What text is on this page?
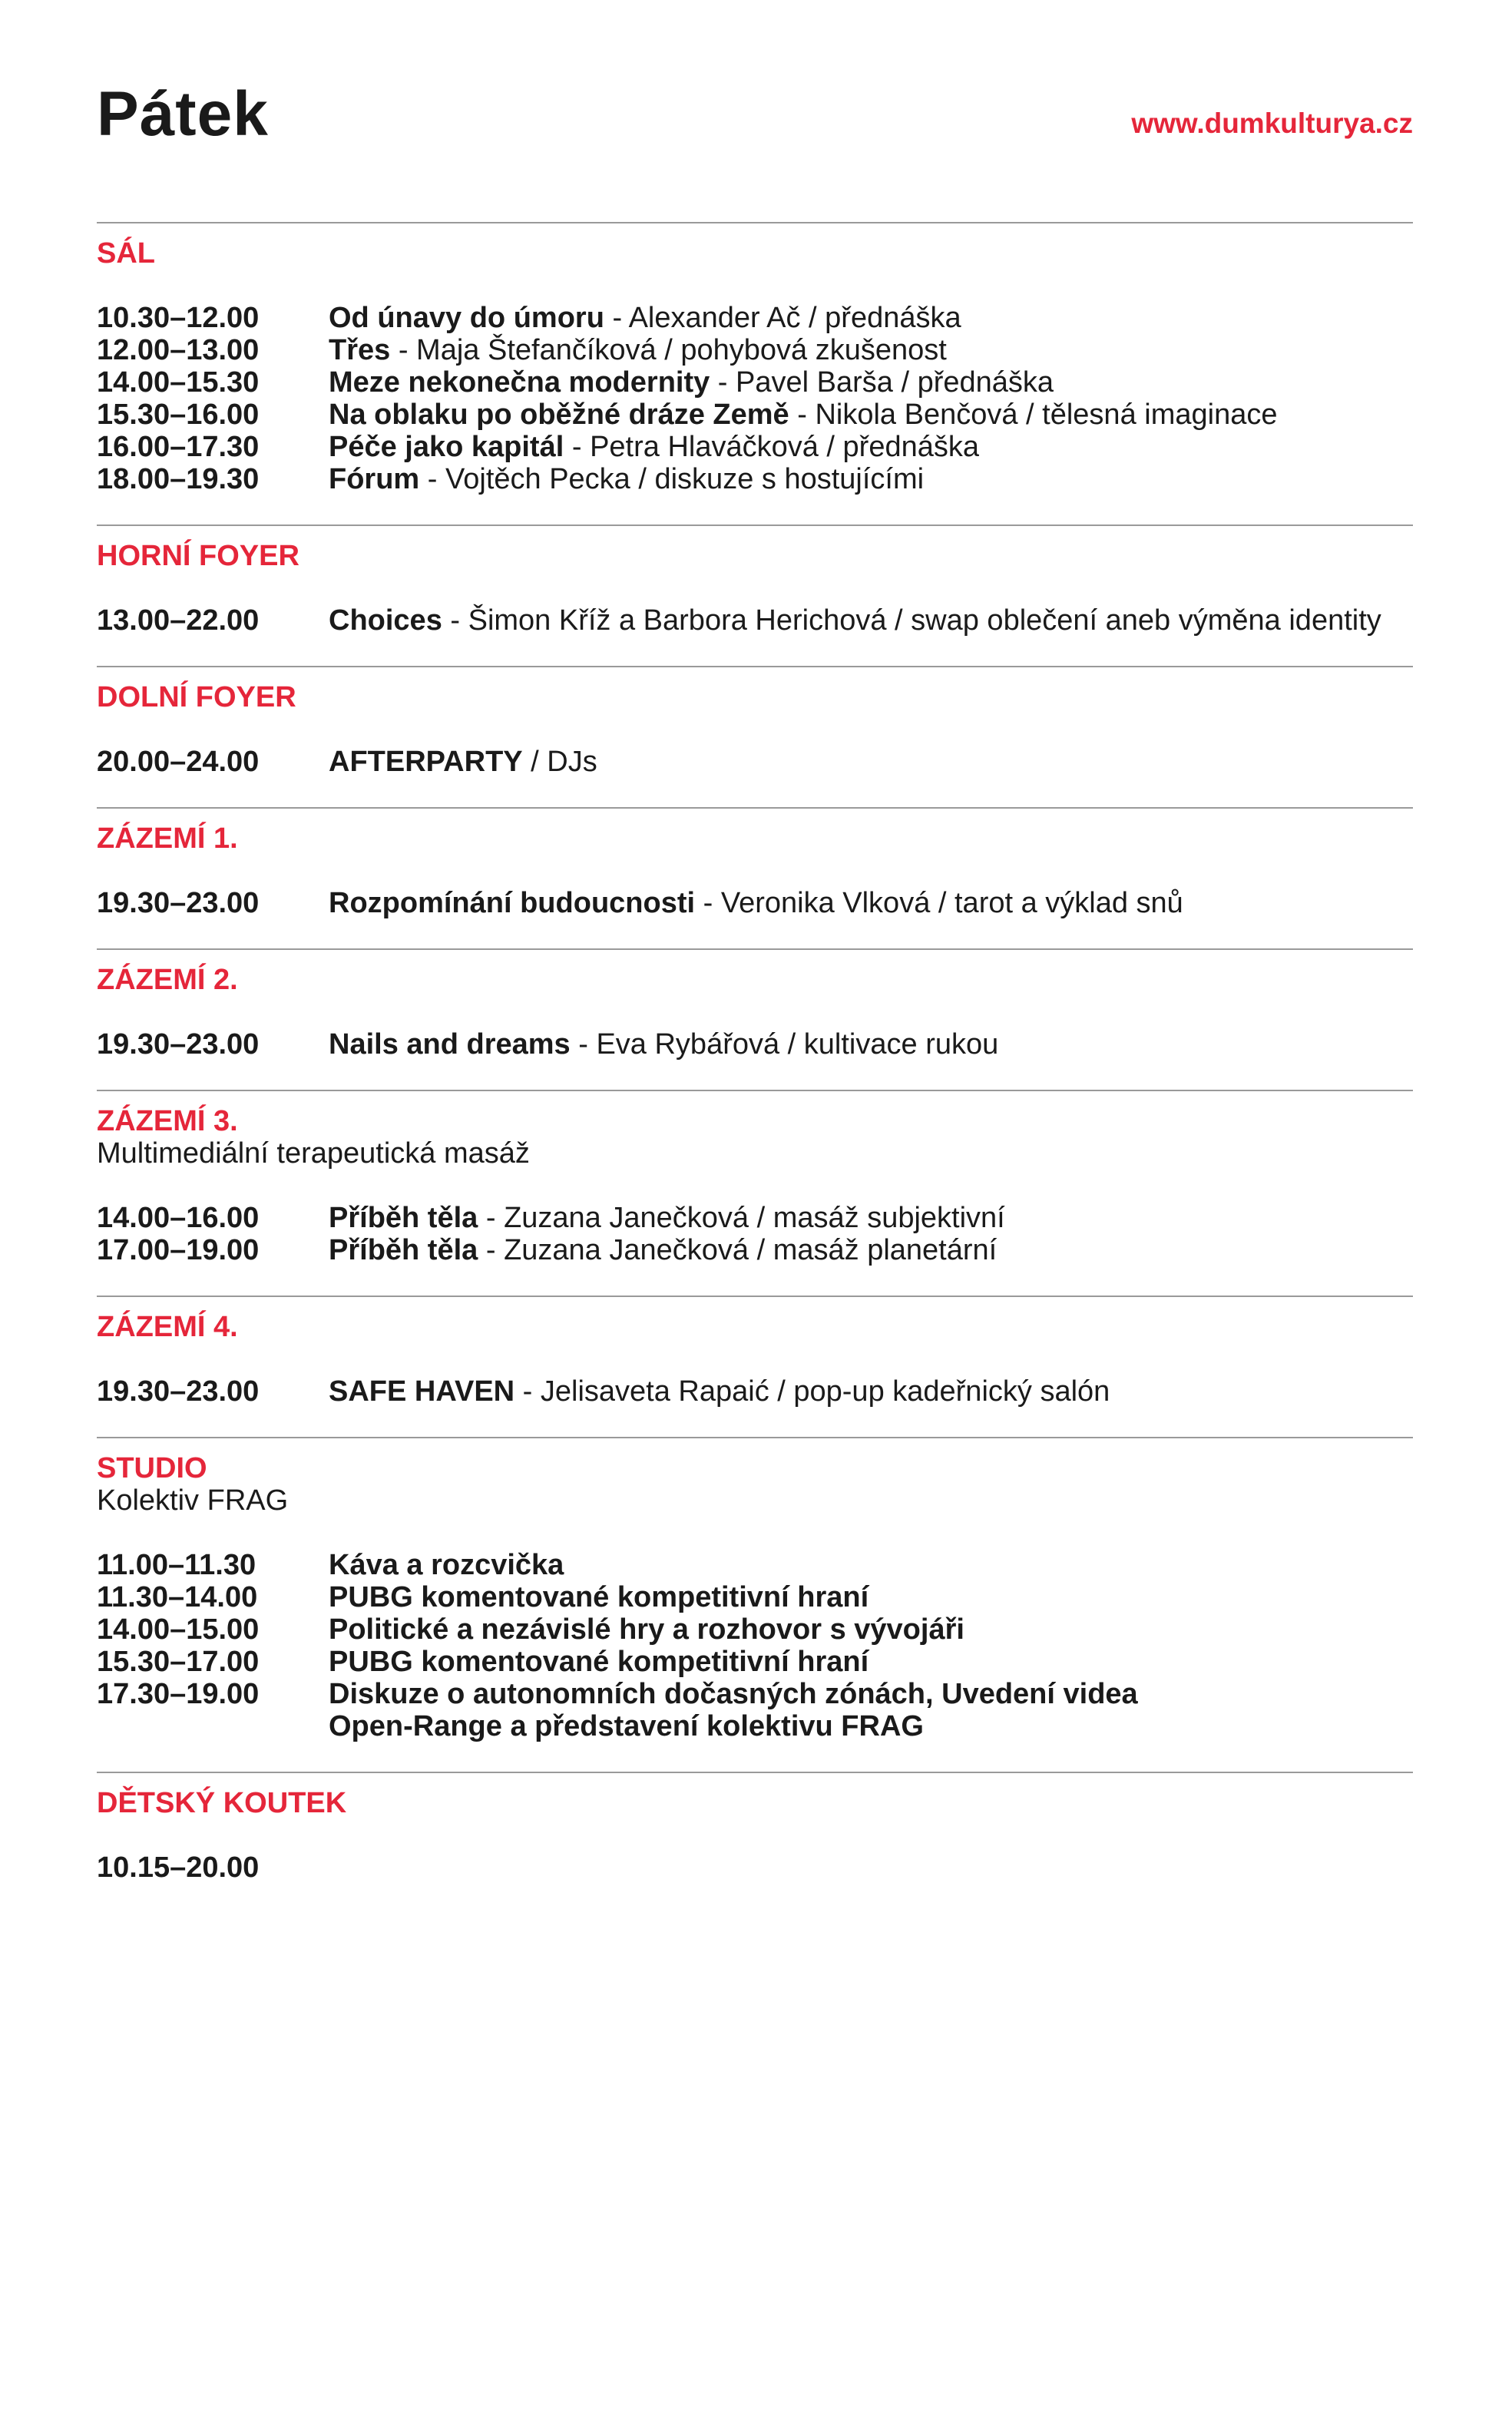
Pátek	www.dumkulturya.cz
SÁL
10.30–12.00	Od únavy do úmoru - Alexander Ač / přednáška
12.00–13.00	Třes - Maja Štefančíková / pohybová zkušenost
14.00–15.30	Meze nekonečna modernity - Pavel Barša / přednáška
15.30–16.00	Na oblaku po oběžné dráze Země - Nikola Benčová / tělesná imaginace
16.00–17.30	Péče jako kapitál - Petra Hlaváčková / přednáška
18.00–19.30	Fórum - Vojtěch Pecka / diskuze s hostujícími
HORNÍ FOYER
13.00–22.00	Choices - Šimon Kříž a Barbora Herichová / swap oblečení aneb výměna identity
DOLNÍ FOYER
20.00–24.00	AFTERPARTY / DJs
ZÁZEMÍ 1.
19.30–23.00	Rozpomínání budoucnosti - Veronika Vlková / tarot a výklad snů
ZÁZEMÍ 2.
19.30–23.00	Nails and dreams - Eva Rybářová / kultivace rukou
ZÁZEMÍ 3.
Multimediální terapeutická masáž
14.00–16.00	Příběh těla - Zuzana Janečková / masáž subjektivní
17.00–19.00	Příběh těla - Zuzana Janečková / masáž planetární
ZÁZEMÍ 4.
19.30–23.00	SAFE HAVEN - Jelisaveta Rapaić / pop-up kadeřnický salón
STUDIO
Kolektiv FRAG
11.00–11.30	Káva a rozcvička
11.30–14.00	PUBG komentované kompetitivní hraní
14.00–15.00	Politické a nezávislé hry a rozhovor s vývojáři
15.30–17.00	PUBG komentované kompetitivní hraní
17.30–19.00	Diskuze o autonomních dočasných zónách, Uvedení videa
Open-Range a představení kolektivu FRAG
DĚTSKÝ KOUTEK
10.15–20.00
